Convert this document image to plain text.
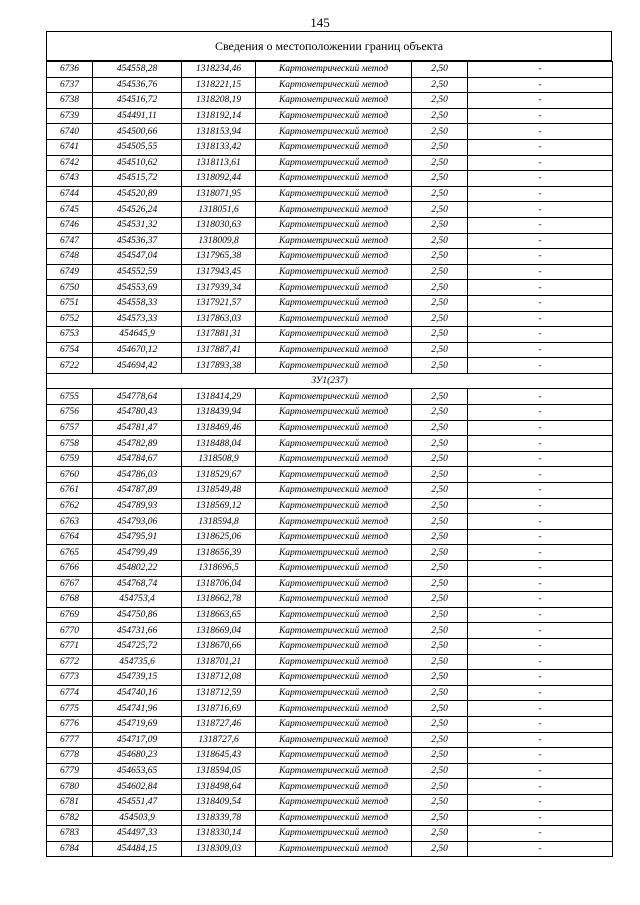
145
Сведения о местоположении границ объекта
6736	454558,28	1318234,46	Картометрический метод	2,50	-
6737	454536,76	1318221,15	Картометрический метод	2,50	-
6738	454516,72	1318208,19	Картометрический метод	2,50	-
6739	454491,11	1318192,14	Картометрический метод	2,50	-
6740	454500,66	1318153,94	Картометрический метод	2,50	-
6741	454505,55	1318133,42	Картометрический метод	2,50	-
6742	454510,62	1318113,61	Картометрический метод	2,50	-
6743	454515,72	1318092,44	Картометрический метод	2,50	-
6744	454520,89	1318071,95	Картометрический метод	2,50	-
6745	454526,24	1318051,6	Картометрический метод	2,50	-
6746	454531,32	1318030,63	Картометрический метод	2,50	-
6747	454536,37	1318009,8	Картометрический метод	2,50	-
6748	454547,04	1317965,38	Картометрический метод	2,50	-
6749	454552,59	1317943,45	Картометрический метод	2,50	-
6750	454553,69	1317939,34	Картометрический метод	2,50	-
6751	454558,33	1317921,57	Картометрический метод	2,50	-
6752	454573,33	1317863,03	Картометрический метод	2,50	-
6753	454645,9	1317881,31	Картометрический метод	2,50	-
6754	454670,12	1317887,41	Картометрический метод	2,50	-
6722	454694,42	1317893,38	Картометрический метод	2,50	-
ЗУ1(237)					
6755	454778,64	1318414,29	Картометрический метод	2,50	-
6756	454780,43	1318439,94	Картометрический метод	2,50	-
6757	454781,47	1318469,46	Картометрический метод	2,50	-
6758	454782,89	1318488,04	Картометрический метод	2,50	-
6759	454784,67	1318508,9	Картометрический метод	2,50	-
6760	454786,03	1318529,67	Картометрический метод	2,50	-
6761	454787,89	1318549,48	Картометрический метод	2,50	-
6762	454789,93	1318569,12	Картометрический метод	2,50	-
6763	454793,06	1318594,8	Картометрический метод	2,50	-
6764	454795,91	1318625,06	Картометрический метод	2,50	-
6765	454799,49	1318656,39	Картометрический метод	2,50	-
6766	454802,22	1318696,5	Картометрический метод	2,50	-
6767	454768,74	1318706,04	Картометрический метод	2,50	-
6768	454753,4	1318662,78	Картометрический метод	2,50	-
6769	454750,86	1318663,65	Картометрический метод	2,50	-
6770	454731,66	1318669,04	Картометрический метод	2,50	-
6771	454725,72	1318670,66	Картометрический метод	2,50	-
6772	454735,6	1318701,21	Картометрический метод	2,50	-
6773	454739,15	1318712,08	Картометрический метод	2,50	-
6774	454740,16	1318712,59	Картометрический метод	2,50	-
6775	454741,96	1318716,69	Картометрический метод	2,50	-
6776	454719,69	1318727,46	Картометрический метод	2,50	-
6777	454717,09	1318727,6	Картометрический метод	2,50	-
6778	454680,23	1318645,43	Картометрический метод	2,50	-
6779	454653,65	1318594,05	Картометрический метод	2,50	-
6780	454602,84	1318498,64	Картометрический метод	2,50	-
6781	454551,47	1318409,54	Картометрический метод	2,50	-
6782	454503,9	1318339,78	Картометрический метод	2,50	-
6783	454497,33	1318330,14	Картометрический метод	2,50	-
6784	454484,15	1318309,03	Картометрический метод	2,50	-
